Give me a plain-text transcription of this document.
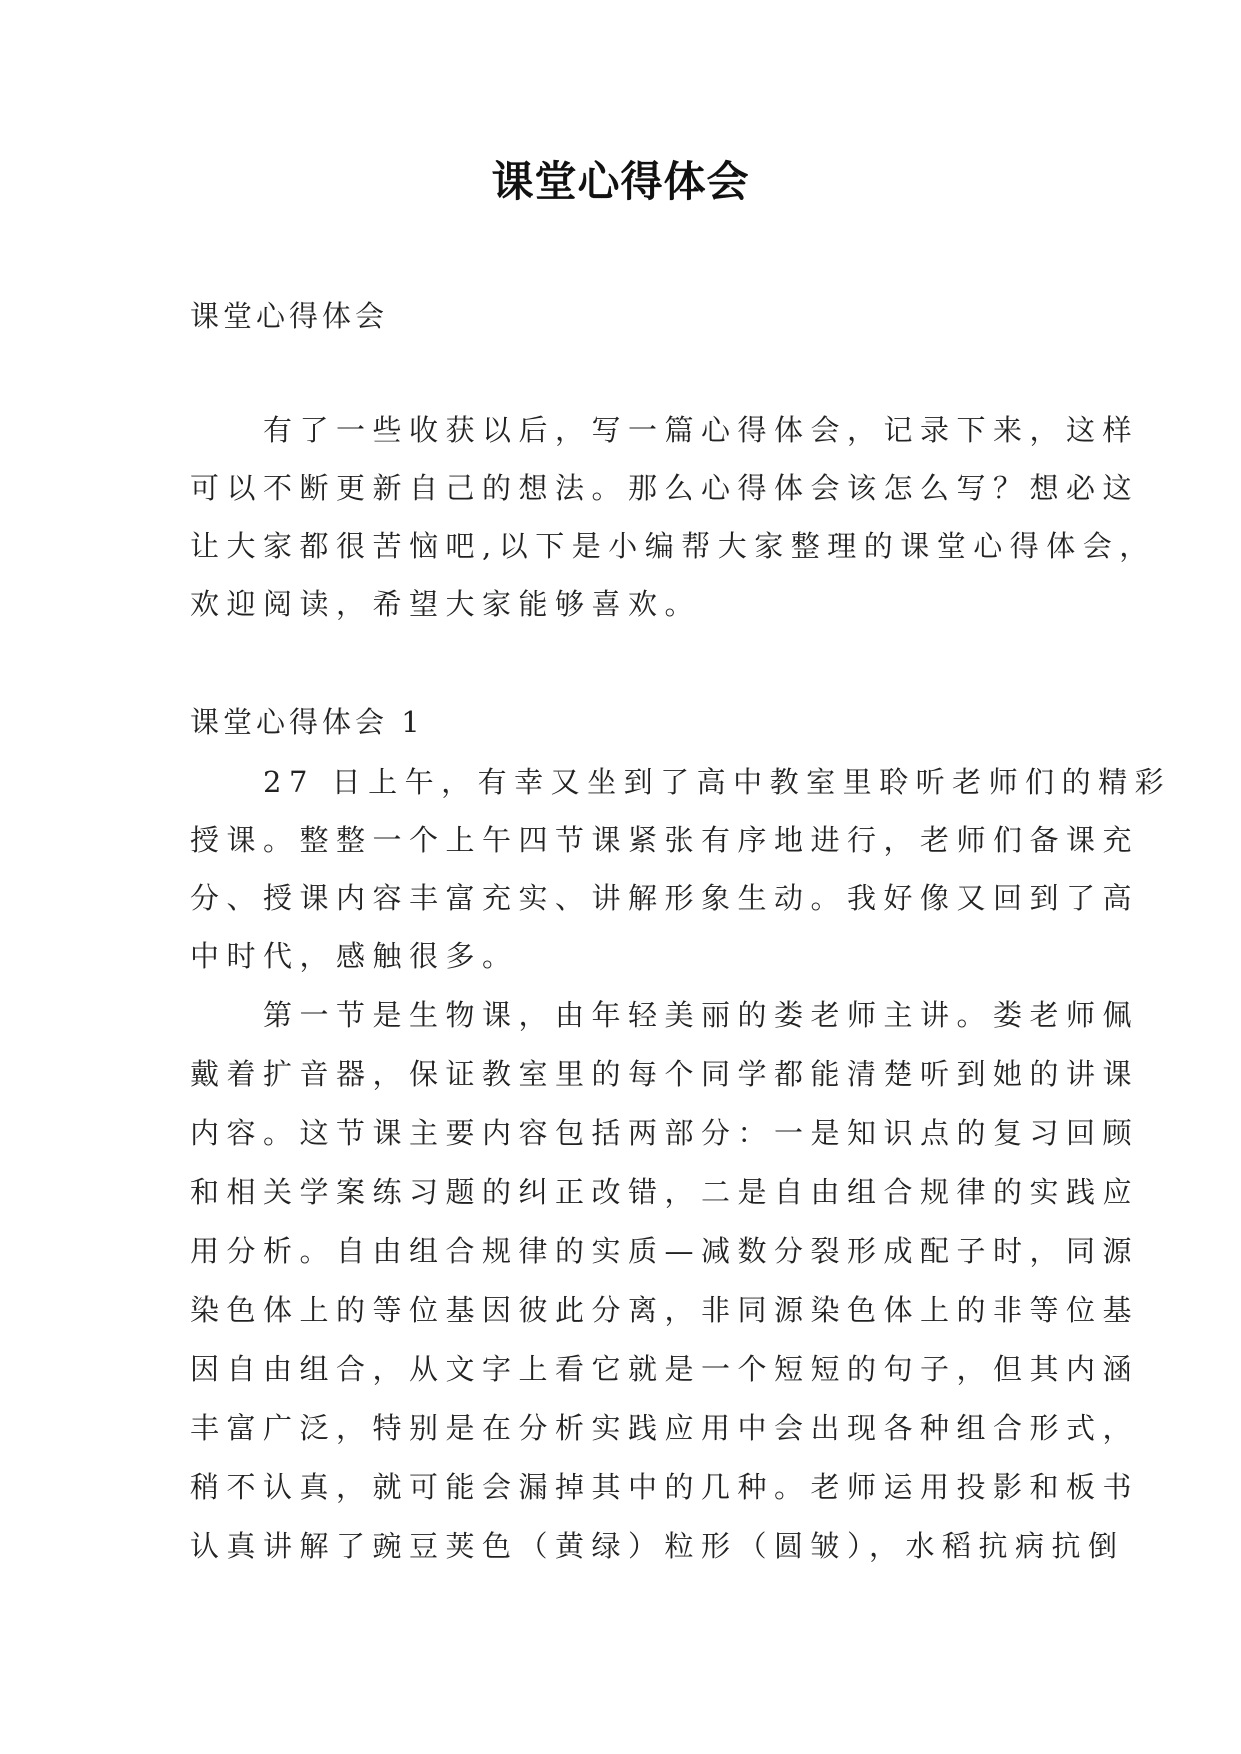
课堂心得体会
课堂心得体会
　　有了一些收获以后，写一篇心得体会，记录下来，这样
可以不断更新自己的想法。那么心得体会该怎么写？想必这
让大家都很苦恼吧,以下是小编帮大家整理的课堂心得体会，
欢迎阅读，希望大家能够喜欢。
课堂心得体会 1
　　27 日上午，有幸又坐到了高中教室里聆听老师们的精彩
授课。整整一个上午四节课紧张有序地进行，老师们备课充
分、授课内容丰富充实、讲解形象生动。我好像又回到了高
中时代，感触很多。
　　第一节是生物课，由年轻美丽的娄老师主讲。娄老师佩
戴着扩音器，保证教室里的每个同学都能清楚听到她的讲课
内容。这节课主要内容包括两部分：一是知识点的复习回顾
和相关学案练习题的纠正改错，二是自由组合规律的实践应
用分析。自由组合规律的实质—减数分裂形成配子时，同源
染色体上的等位基因彼此分离，非同源染色体上的非等位基
因自由组合，从文字上看它就是一个短短的句子，但其内涵
丰富广泛，特别是在分析实践应用中会出现各种组合形式，
稍不认真，就可能会漏掉其中的几种。老师运用投影和板书
认真讲解了豌豆荚色（黄绿）粒形（圆皱），水稻抗病抗倒
